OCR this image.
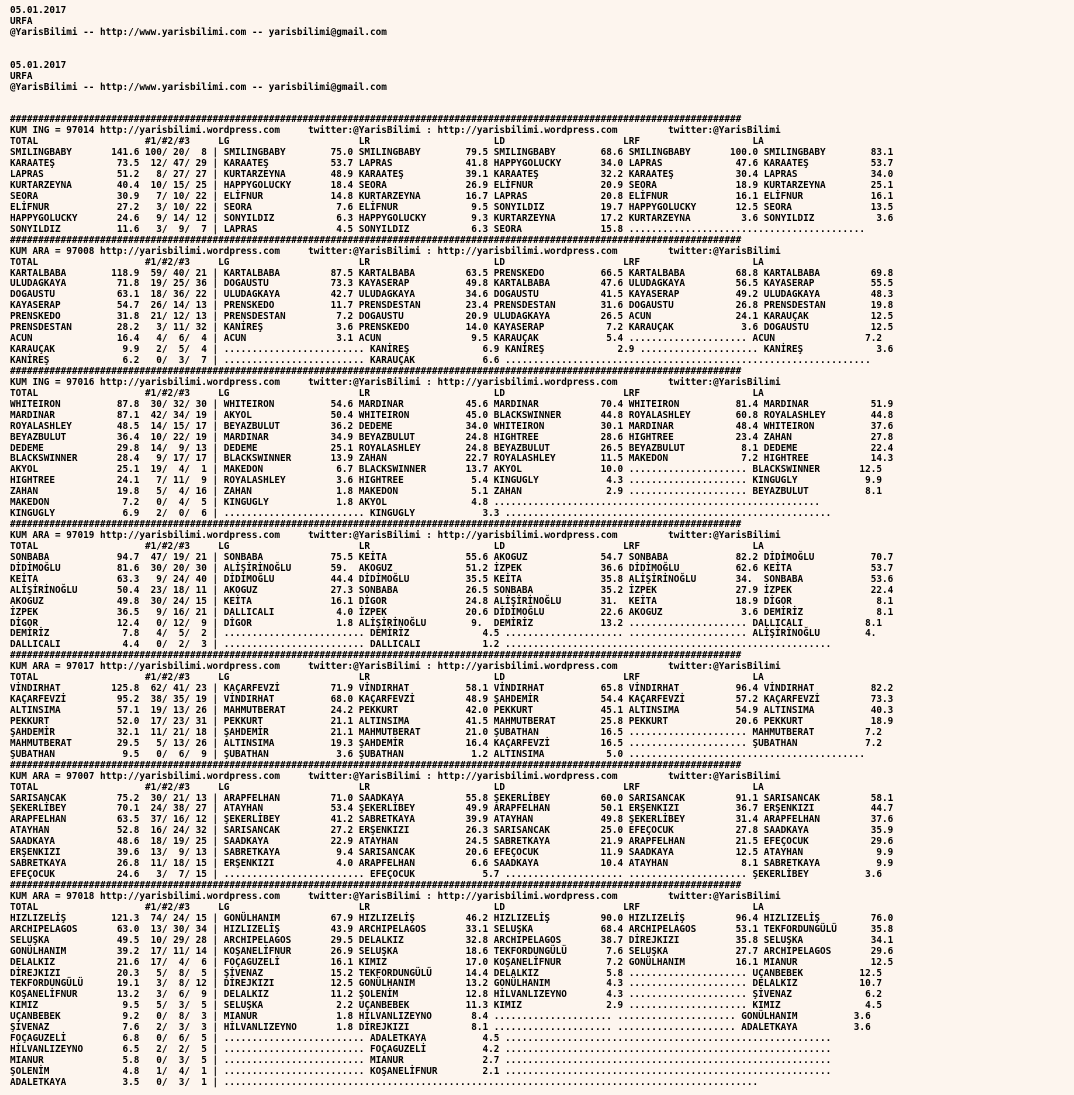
05.01.2017
URFA
@YarisBilimi -- http://www.yarisbilimi.com -- yarisbilimi@gmail.com
05.01.2017
URFA
@YarisBilimi -- http://www.yarisbilimi.com -- yarisbilimi@gmail.com
##################################################################################################################################
KUM ING = 97014 http://yarisbilimi.wordpress.com     twitter:@YarisBilimi : http://yarisbilimi.wordpress.com         twitter:@YarisBilimi
TOTAL                   #1/#2/#3     LG                       LR                      LD                     LRF                    LA
SMILINGBABY       141.6 100/ 20/  8 | SMILINGBABY        75.0 SMILINGBABY        79.5 SMILINGBABY        68.6 SMILINGBABY       100.0 SMILINGBABY        83.1
KARAATEŞ           73.5  12/ 47/ 29 | KARAATEŞ           53.7 LAPRAS             41.8 HAPPYGOLUCKY       34.0 LAPRAS             47.6 KARAATEŞ           53.7
LAPRAS             51.2   8/ 27/ 27 | KURTARZEYNA        48.9 KARAATEŞ           39.1 KARAATEŞ           32.2 KARAATEŞ           30.4 LAPRAS             34.0
KURTARZEYNA        40.4  10/ 15/ 25 | HAPPYGOLUCKY       18.4 SEORA              26.9 ELİFNUR            20.9 SEORA              18.9 KURTARZEYNA        25.1
SEORA              30.9   7/ 10/ 22 | ELİFNUR            14.8 KURTARZEYNA        16.7 LAPRAS             20.8 ELİFNUR            16.1 ELİFNUR            16.1
ELİFNUR            27.2   3/ 10/ 22 | SEORA               7.6 ELİFNUR             9.5 SONYILDIZ          19.7 HAPPYGOLUCKY       12.5 SEORA              13.5
HAPPYGOLUCKY       24.6   9/ 14/ 12 | SONYILDIZ           6.3 HAPPYGOLUCKY        9.3 KURTARZEYNA        17.2 KURTARZEYNA         3.6 SONYILDIZ           3.6
SONYILDIZ          11.6   3/  9/  7 | LAPRAS              4.5 SONYILDIZ           6.3 SEORA              15.8 ..........................................
##################################################################################################################################
KUM ARA = 97008 http://yarisbilimi.wordpress.com     twitter:@YarisBilimi : http://yarisbilimi.wordpress.com         twitter:@YarisBilimi
TOTAL                   #1/#2/#3     LG                       LR                      LD                     LRF                    LA
KARTALBABA        118.9  59/ 40/ 21 | KARTALBABA         87.5 KARTALBABA         63.5 PRENSKEDO          66.5 KARTALBABA         68.8 KARTALBABA         69.8
ULUDAGKAYA         71.8  19/ 25/ 36 | DOGAUSTU           73.3 KAYASERAP          49.8 KARTALBABA         47.6 ULUDAGKAYA         56.5 KAYASERAP          55.5
DOGAUSTU           63.1  18/ 36/ 22 | ULUDAGKAYA         42.7 ULUDAGKAYA         34.6 DOGAUSTU           41.5 KAYASERAP          49.2 ULUDAGKAYA         48.3
KAYASERAP          54.7  26/ 14/ 13 | PRENSKEDO          11.7 PRENSDESTAN        23.4 PRENSDESTAN        31.6 DOGAUSTU           26.8 PRENSDESTAN        19.8
PRENSKEDO          31.8  21/ 12/ 13 | PRENSDESTAN         7.2 DOGAUSTU           20.9 ULUDAGKAYA         26.5 ACUN               24.1 KARAUÇAK           12.5
PRENSDESTAN        28.2   3/ 11/ 32 | KANİREŞ             3.6 PRENSKEDO          14.0 KAYASERAP           7.2 KARAUÇAK            3.6 DOGAUSTU           12.5
ACUN               16.4   4/  6/  4 | ACUN                3.1 ACUN                9.5 KARAUÇAK            5.4 ..................... ACUN                7.2
KARAUÇAK            9.9   2/  5/  4 | ......................... KANİREŞ             6.9 KANİREŞ             2.9 ..................... KANİREŞ             3.6
KANİREŞ             6.2   0/  3/  7 | ......................... KARAUÇAK            6.6 .................................................................
##################################################################################################################################
KUM ING = 97016 http://yarisbilimi.wordpress.com     twitter:@YarisBilimi : http://yarisbilimi.wordpress.com         twitter:@YarisBilimi
TOTAL                   #1/#2/#3     LG                       LR                      LD                     LRF                    LA
WHITEIRON          87.8  30/ 32/ 30 | WHITEIRON          54.6 MARDINAR           45.6 MARDINAR           70.4 WHITEIRON          81.4 MARDINAR           51.9
MARDINAR           87.1  42/ 34/ 19 | AKYOL              50.4 WHITEIRON          45.0 BLACKSWINNER       44.8 ROYALASHLEY        60.8 ROYALASHLEY        44.8
ROYALASHLEY        48.5  14/ 15/ 17 | BEYAZBULUT         36.2 DEDEME             34.0 WHITEIRON          30.1 MARDINAR           48.4 WHITEIRON          37.6
BEYAZBULUT         36.4  10/ 22/ 19 | MARDINAR           34.9 BEYAZBULUT         24.8 HIGHTREE           28.6 HIGHTREE           23.4 ZAHAN              27.8
DEDEME             29.8  14/  9/ 13 | DEDEME             25.1 ROYALASHLEY        24.8 BEYAZBULUT         26.5 BEYAZBULUT          8.1 DEDEME             22.4
BLACKSWINNER       28.4   9/ 17/ 17 | BLACKSWINNER       13.9 ZAHAN              22.7 ROYALASHLEY        11.5 MAKEDON             7.2 HIGHTREE           14.3
AKYOL              25.1  19/  4/  1 | MAKEDON             6.7 BLACKSWINNER       13.7 AKYOL              10.0 ..................... BLACKSWINNER       12.5
HIGHTREE           24.1   7/ 11/  9 | ROYALASHLEY         3.6 HIGHTREE            5.4 KINGUGLY            4.3 ..................... KINGUGLY            9.9
ZAHAN              19.8   5/  4/ 16 | ZAHAN               1.8 MAKEDON             5.1 ZAHAN               2.9 ..................... BEYAZBULUT          8.1
MAKEDON             7.2   0/  4/  5 | KINGUGLY            1.8 AKYOL               4.8 ..........................................................
KINGUGLY            6.9   2/  0/  6 | ......................... KINGUGLY            3.3 ..........................................................
##################################################################################################################################
KUM ARA = 97019 http://yarisbilimi.wordpress.com     twitter:@YarisBilimi : http://yarisbilimi.wordpress.com         twitter:@YarisBilimi
TOTAL                   #1/#2/#3     LG                       LR                      LD                     LRF                    LA
SONBABA            94.7  47/ 19/ 21 | SONBABA            75.5 KEİTA              55.6 AKOGUZ             54.7 SONBABA            82.2 DİDİMOĞLU          70.7
DİDİMOĞLU          81.6  30/ 20/ 30 | ALİŞİRİNOĞLU       59.  AKOGUZ             51.2 İZPEK              36.6 DİDİMOĞLU          62.6 KEİTA              53.7
KEİTA              63.3   9/ 24/ 40 | DİDİMOĞLU          44.4 DİDİMOĞLU          35.5 KEİTA              35.8 ALİŞİRİNOĞLU       34.  SONBABA            53.6
ALİŞİRİNOĞLU       50.4  23/ 18/ 11 | AKOGUZ             27.3 SONBABA            26.5 SONBABA            35.2 İZPEK              27.9 İZPEK              22.4
AKOGUZ             49.8  30/ 24/ 15 | KEİTA              16.1 DİGOR              24.8 ALİŞİRİNOĞLU       31.  KEİTA              18.9 DİGOR               8.1
İZPEK              36.5   9/ 16/ 21 | DALLICALI           4.0 İZPEK              20.6 DİDİMOĞLU          22.6 AKOGUZ              3.6 DEMİRİZ             8.1
DİGOR              12.4   0/ 12/  9 | DİGOR               1.8 ALİŞİRİNOĞLU        9.  DEMİRİZ            13.2 ..................... DALLICALI           8.1
DEMİRİZ             7.8   4/  5/  2 | ......................... DEMİRİZ             4.5 ..................... ..................... ALİŞİRİNOĞLU        4.
DALLICALI           4.4   0/  2/  3 | ......................... DALLICALI           1.2 ..........................................................
##################################################################################################################################
KUM ARA = 97017 http://yarisbilimi.wordpress.com     twitter:@YarisBilimi : http://yarisbilimi.wordpress.com         twitter:@YarisBilimi
TOTAL                   #1/#2/#3     LG                       LR                      LD                     LRF                    LA
VİNDIRHAT         125.8  62/ 41/ 23 | KAÇARFEVZİ         71.9 VİNDIRHAT          58.1 VİNDIRHAT          65.8 VİNDIRHAT          96.4 VİNDIRHAT          82.2
KAÇARFEVZİ         95.2  38/ 35/ 19 | VİNDIRHAT          68.0 KAÇARFEVZİ         48.9 ŞAHDEMİR           54.4 KAÇARFEVZİ         57.2 KAÇARFEVZİ         73.3
ALTINSIMA          57.1  19/ 13/ 26 | MAHMUTBERAT        24.2 PEKKURT            42.0 PEKKURT            45.1 ALTINSIMA          54.9 ALTINSIMA          40.3
PEKKURT            52.0  17/ 23/ 31 | PEKKURT            21.1 ALTINSIMA          41.5 MAHMUTBERAT        25.8 PEKKURT            20.6 PEKKURT            18.9
ŞAHDEMİR           32.1  11/ 21/ 18 | ŞAHDEMİR           21.1 MAHMUTBERAT        21.0 ŞUBATHAN           16.5 ..................... MAHMUTBERAT         7.2
MAHMUTBERAT        29.5   5/ 13/ 26 | ALTINSIMA          19.3 ŞAHDEMİR           16.4 KAÇARFEVZİ         16.5 ..................... ŞUBATHAN            7.2
ŞUBATHAN            9.5   0/  6/  9 | ŞUBATHAN            3.6 ŞUBATHAN            1.2 ALTINSIMA           5.0 ..........................................
##################################################################################################################################
KUM ARA = 97007 http://yarisbilimi.wordpress.com     twitter:@YarisBilimi : http://yarisbilimi.wordpress.com         twitter:@YarisBilimi
TOTAL                   #1/#2/#3     LG                       LR                      LD                     LRF                    LA
SARISANCAK         75.2  30/ 21/ 13 | ARAPFELHAN         71.0 SAADKAYA           55.8 ŞEKERLİBEY         60.0 SARISANCAK         91.1 SARISANCAK         58.1
ŞEKERLİBEY         70.1  24/ 38/ 27 | ATAYHAN            53.4 ŞEKERLİBEY         49.9 ARAPFELHAN         50.1 ERŞENKIZI          36.7 ERŞENKIZI          44.7
ARAPFELHAN         63.5  37/ 16/ 12 | ŞEKERLİBEY         41.2 SABRETKAYA         39.9 ATAYHAN            49.8 ŞEKERLİBEY         31.4 ARAPFELHAN         37.6
ATAYHAN            52.8  16/ 24/ 32 | SARISANCAK         27.2 ERŞENKIZI          26.3 SARISANCAK         25.0 EFEÇOCUK           27.8 SAADKAYA           35.9
SAADKAYA           48.6  18/ 19/ 25 | SAADKAYA           22.9 ATAYHAN            24.5 SABRETKAYA         21.9 ARAPFELHAN         21.5 EFEÇOCUK           29.6
ERŞENKIZI          39.6  13/  9/ 13 | SABRETKAYA          9.4 SARISANCAK         20.6 EFEÇOCUK           11.9 SAADKAYA           12.5 ATAYHAN             9.9
SABRETKAYA         26.8  11/ 18/ 15 | ERŞENKIZI           4.0 ARAPFELHAN          6.6 SAADKAYA           10.4 ATAYHAN             8.1 SABRETKAYA          9.9
EFEÇOCUK           24.6   3/  7/ 15 | ......................... EFEÇOCUK            5.7 ..................... ..................... ŞEKERLİBEY          3.6
##################################################################################################################################
KUM ARA = 97018 http://yarisbilimi.wordpress.com     twitter:@YarisBilimi : http://yarisbilimi.wordpress.com         twitter:@YarisBilimi
TOTAL                   #1/#2/#3     LG                       LR                      LD                     LRF                    LA
HIZLIZELİŞ        121.3  74/ 24/ 15 | GONÜLHANIM         67.9 HIZLIZELİŞ         46.2 HIZLIZELİŞ         90.0 HIZLIZELİŞ         96.4 HIZLIZELİŞ         76.0
ARCHIPELAGOS       63.0  13/ 30/ 34 | HIZLIZELİŞ         43.9 ARCHIPELAGOS       33.1 SELUŞKA            68.4 ARCHIPELAGOS       53.1 TEKFORDUNGÜLÜ      35.8
SELUŞKA            49.5  10/ 29/ 28 | ARCHIPELAGOS       29.5 DELALKIZ           32.8 ARCHIPELAGOS       38.7 DİREJKIZI          35.8 SELUŞKA            34.1
GONÜLHANIM         39.2  17/ 11/ 14 | KOŞANELİFNUR       26.9 SELUŞKA            18.6 TEKFORDUNGÜLÜ       7.6 SELUŞKA            27.7 ARCHIPELAGOS       29.6
DELALKIZ           21.6  17/  4/  6 | FOÇAGUZELİ         16.1 KIMIZ              17.0 KOŞANELİFNUR        7.2 GONÜLHANIM         16.1 MIANUR             12.5
DİREJKIZI          20.3   5/  8/  5 | ŞİVENAZ            15.2 TEKFORDUNGÜLÜ      14.4 DELALKIZ            5.8 ..................... UÇANBEBEK          12.5
TEKFORDUNGÜLÜ      19.1   3/  8/ 12 | DİREJKIZI          12.5 GONÜLHANIM         13.2 GONÜLHANIM          4.3 ..................... DELALKIZ           10.7
KOŞANELİFNUR       13.2   3/  6/  9 | DELALKIZ           11.2 ŞOLENİM            12.8 HİLVANLIZEYNO       4.3 ..................... ŞİVENAZ             6.2
KIMIZ               9.5   5/  3/  5 | SELUŞKA             2.2 UÇANBEBEK          11.3 KIMIZ               2.9 ..................... KIMIZ               4.5
UÇANBEBEK           9.2   0/  8/  3 | MIANUR              1.8 HİLVANLIZEYNO       8.4 ..................... ..................... GONÜLHANIM          3.6
ŞİVENAZ             7.6   2/  3/  3 | HİLVANLIZEYNO       1.8 DİREJKIZI           8.1 ..................... ..................... ADALETKAYA          3.6
FOÇAGUZELİ          6.8   0/  6/  5 | ......................... ADALETKAYA          4.5 ..........................................................
HİLVANLIZEYNO       6.5   2/  2/  5 | ......................... FOÇAGUZELİ          4.2 ..........................................................
MIANUR              5.8   0/  3/  5 | ......................... MIANUR              2.7 ..........................................................
ŞOLENİM             4.8   1/  4/  1 | ......................... KOŞANELİFNUR        2.1 ..........................................................
ADALETKAYA          3.5   0/  3/  1 | ...............................................................................................
